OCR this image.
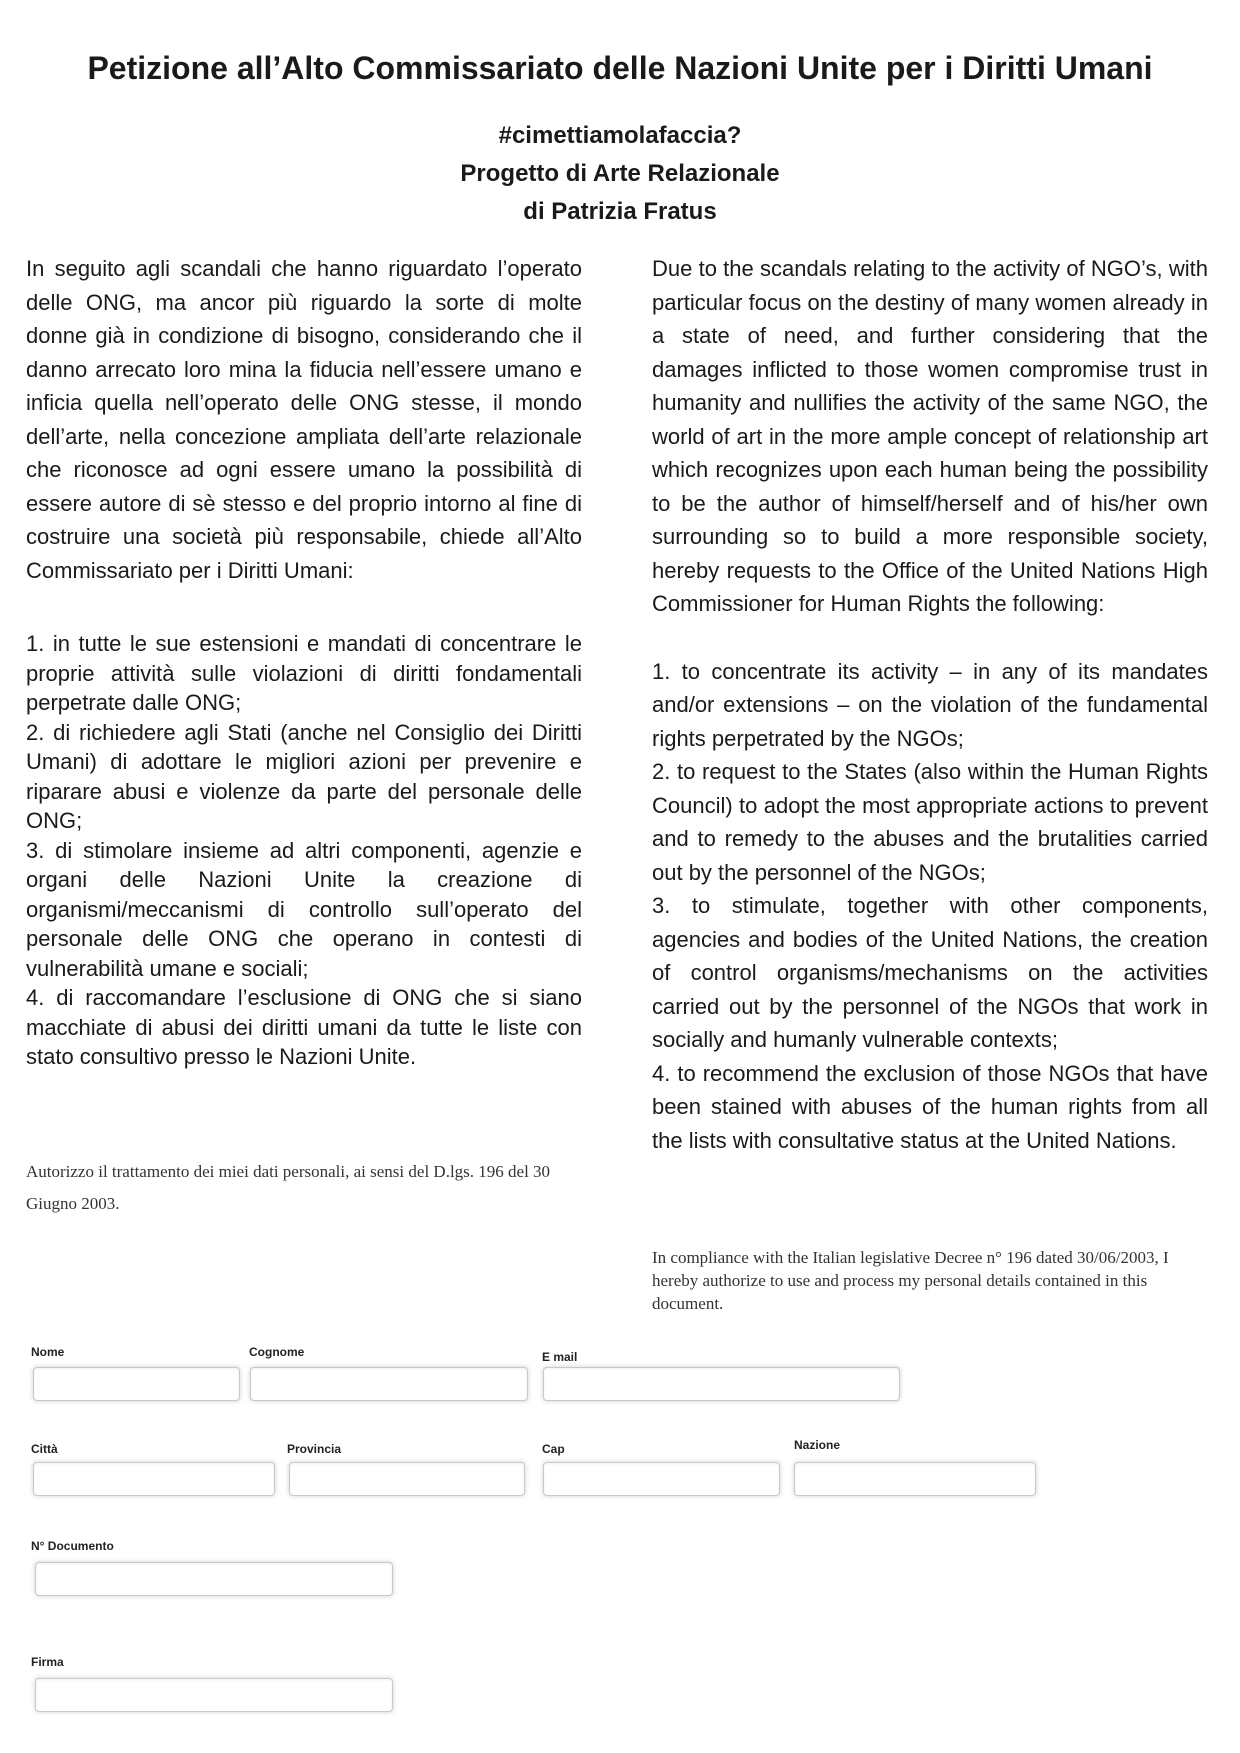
Petizione all’Alto Commissariato delle Nazioni Unite per i Diritti Umani
#cimettiamolafaccia?
Progetto di Arte Relazionale
di Patrizia Fratus

In seguito agli scandali che hanno riguardato l’operato delle ONG, ma ancor più riguardo la sorte di molte donne già in condizione di bisogno, considerando che il danno arrecato loro mina la fiducia nell’essere umano e inficia quella nell’operato delle ONG stesse, il mondo dell’arte, nella concezione ampliata dell’arte relazionale che riconosce ad ogni essere umano la possibilità di essere autore di sè stesso e del proprio intorno al fine di costruire una società più responsabile, chiede all’Alto Commissariato per i Diritti Umani:

1. in tutte le sue estensioni e mandati di concentrare le proprie attività sulle violazioni di diritti fondamentali perpetrate dalle ONG;
2. di richiedere agli Stati (anche nel Consiglio dei Diritti Umani) di adottare le migliori azioni per prevenire e riparare abusi e violenze da parte del personale delle ONG;
3. di stimolare insieme ad altri componenti, agenzie e organi delle Nazioni Unite la creazione di organismi/meccanismi di controllo sull’operato del personale delle ONG che operano in contesti di vulnerabilità umane e sociali;
4. di raccomandare l’esclusione di ONG che si siano macchiate di abusi dei diritti umani da tutte le liste con stato consultivo presso le Nazioni Unite.

Due to the scandals relating to the activity of NGO’s, with particular focus on the destiny of many women already in a state of need, and further considering that the damages inflicted to those women compromise trust in humanity and nullifies the activity of the same NGO, the world of art in the more ample concept of relationship art which recognizes upon each human being the possibility to be the author of himself/herself and of his/her own surrounding so to build a more responsible society, hereby requests to the Office of the United Nations High Commissioner for Human Rights the following:

1. to concentrate its activity – in any of its mandates and/or extensions – on the violation of the fundamental rights perpetrated by the NGOs;
2. to request to the States (also within the Human Rights Council) to adopt the most appropriate actions to prevent and to remedy to the abuses and the brutalities carried out by the personnel of the NGOs;
3. to stimulate, together with other components, agencies and bodies of the United Nations, the creation of control organisms/mechanisms on the activities carried out by the personnel of the NGOs that work in socially and humanly vulnerable contexts;
4. to recommend the exclusion of those NGOs that have been stained with abuses of the human rights from all the lists with consultative status at the United Nations.

Autorizzo il trattamento dei miei dati personali, ai sensi del D.lgs. 196 del 30 Giugno 2003.
In compliance with the Italian legislative Decree n° 196 dated 30/06/2003, I hereby authorize to use and process my personal details contained in this document.
Nome	Cognome	E mail
Città	Provincia	Cap	Nazione
N° Documento
Firma
